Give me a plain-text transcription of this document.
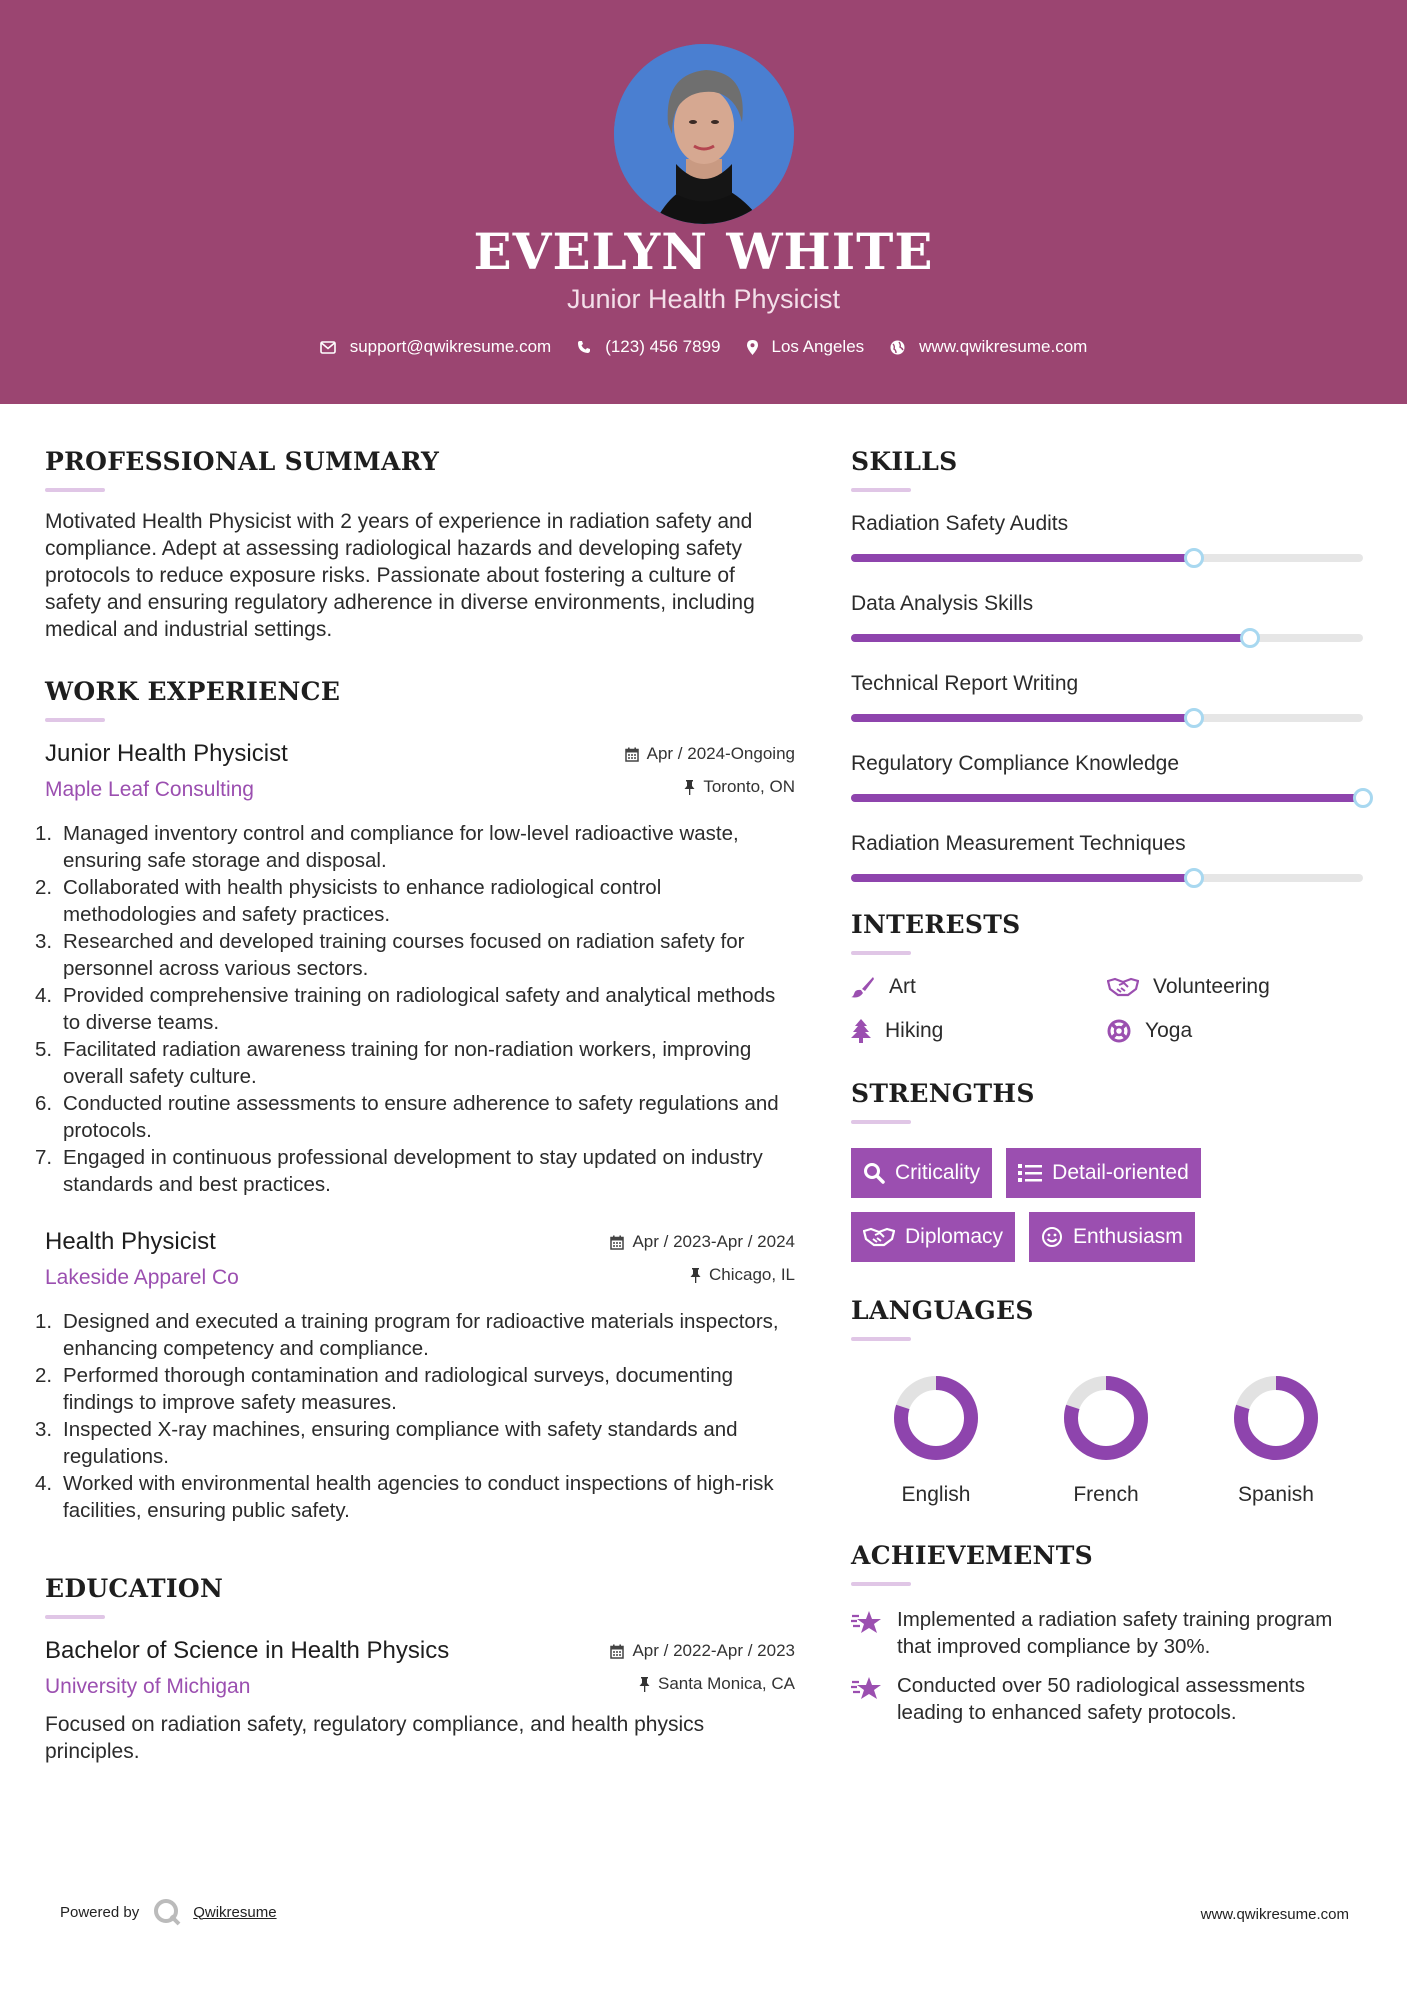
EVELYN WHITE
Junior Health Physicist
support@qwikresume.com	(123) 456 7899	Los Angeles	www.qwikresume.com
PROFESSIONAL SUMMARY

Motivated Health Physicist with 2 years of experience in radiation safety and compliance. Adept at assessing radiological hazards and developing safety protocols to reduce exposure risks. Passionate about fostering a culture of safety and ensuring regulatory adherence in diverse environments, including medical and industrial settings.

WORK EXPERIENCE
Junior Health Physicist	Apr / 2024-Ongoing
Maple Leaf Consulting	Toronto, ON
1. Managed inventory control and compliance for low-level radioactive waste, ensuring safe storage and disposal.
2. Collaborated with health physicists to enhance radiological control methodologies and safety practices.
3. Researched and developed training courses focused on radiation safety for personnel across various sectors.
4. Provided comprehensive training on radiological safety and analytical methods to diverse teams.
5. Facilitated radiation awareness training for non-radiation workers, improving overall safety culture.
6. Conducted routine assessments to ensure adherence to safety regulations and protocols.
7. Engaged in continuous professional development to stay updated on industry standards and best practices.
Health Physicist	Apr / 2023-Apr / 2024
Lakeside Apparel Co	Chicago, IL
1. Designed and executed a training program for radioactive materials inspectors, enhancing competency and compliance.
2. Performed thorough contamination and radiological surveys, documenting findings to improve safety measures.
3. Inspected X-ray machines, ensuring compliance with safety standards and regulations.
4. Worked with environmental health agencies to conduct inspections of high-risk facilities, ensuring public safety.
EDUCATION
Bachelor of Science in Health Physics	Apr / 2022-Apr / 2023
University of Michigan	Santa Monica, CA

Focused on radiation safety, regulatory compliance, and health physics principles.

SKILLS
Radiation Safety Audits
Data Analysis Skills
Technical Report Writing
Regulatory Compliance Knowledge
Radiation Measurement Techniques
INTERESTS
Art	Volunteering
Hiking	Yoga
STRENGTHS
Criticality	Detail-oriented
Diplomacy	Enthusiasm
LANGUAGES
English	French	Spanish
ACHIEVEMENTS
Implemented a radiation safety training program that improved compliance by 30%.
Conducted over 50 radiological assessments leading to enhanced safety protocols.
Powered by	Qwikresume	www.qwikresume.com
